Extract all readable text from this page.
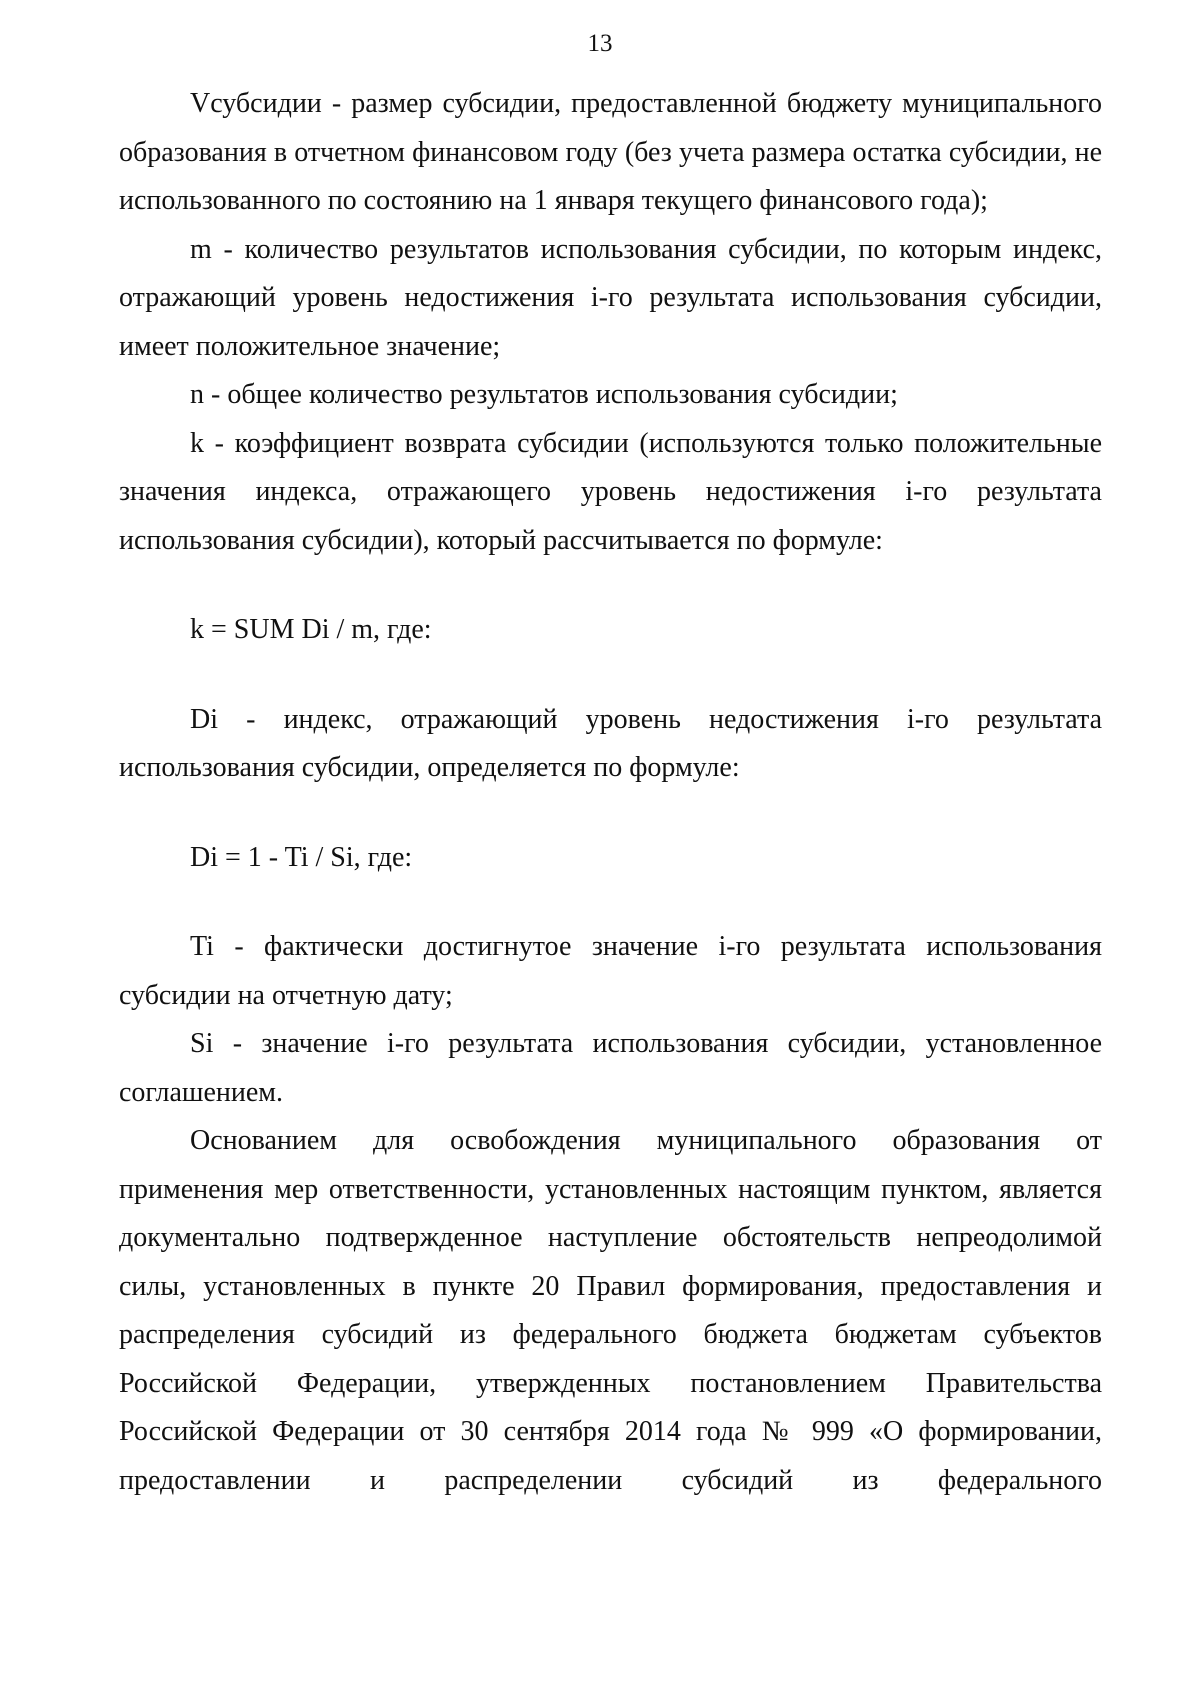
13

Vсубсидии - размер субсидии, предоставленной бюджету муниципального образования в отчетном финансовом году (без учета размера остатка субсидии, не использованного по состоянию на 1 января текущего финансового года);

m - количество результатов использования субсидии, по которым индекс, отражающий уровень недостижения i-го результата использования субсидии, имеет положительное значение;

n - общее количество результатов использования субсидии;

k - коэффициент возврата субсидии (используются только положительные значения индекса, отражающего уровень недостижения i-го результата использования субсидии), который рассчитывается по формуле:

k = SUM Di / m, где:

Di - индекс, отражающий уровень недостижения i-го результата использования субсидии, определяется по формуле:

Di = 1 - Ti / Si, где:

Ti - фактически достигнутое значение i-го результата использования субсидии на отчетную дату;

Si - значение i-го результата использования субсидии, установленное соглашением.

Основанием для освобождения муниципального образования от применения мер ответственности, установленных настоящим пунктом, является документально подтвержденное наступление обстоятельств непреодолимой силы, установленных в пункте 20 Правил формирования, предоставления и распределения субсидий из федерального бюджета бюджетам субъектов Российской Федерации, утвержденных постановлением Правительства Российской Федерации от 30 сентября 2014 года № 999 «О формировании, предоставлении и распределении субсидий из федерального
